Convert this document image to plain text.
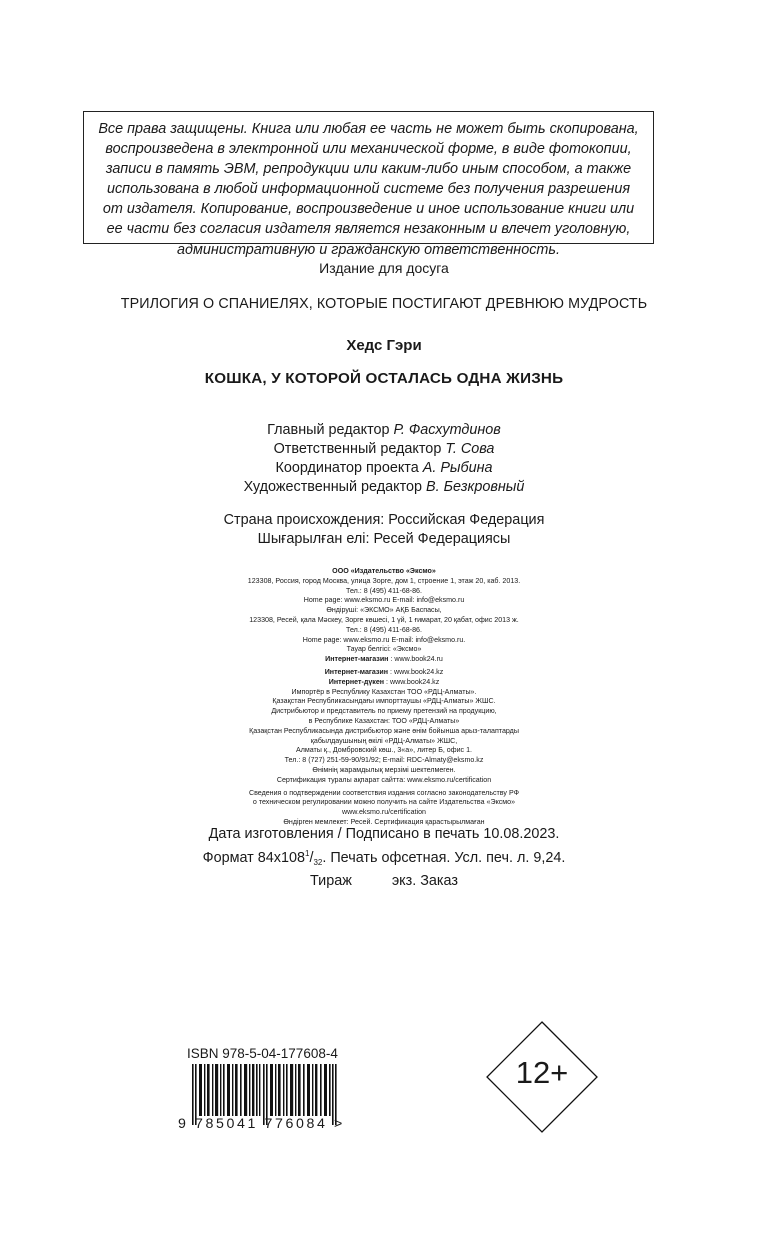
Все права защищены. Книга или любая ее часть не может быть скопирована,
воспроизведена в электронной или механической форме, в виде фотокопии,
записи в память ЭВМ, репродукции или каким-либо иным способом, а также
использована в любой информационной системе без получения разрешения
от издателя. Копирование, воспроизведение и иное использование книги или
ее части без согласия издателя является незаконным и влечет уголовную,
административную и гражданскую ответственность.
Издание для досуга
ТРИЛОГИЯ О СПАНИЕЛЯХ, КОТОРЫЕ ПОСТИГАЮТ ДРЕВНЮЮ МУДРОСТЬ
Хедс Гэри
КОШКА, У КОТОРОЙ ОСТАЛАСЬ ОДНА ЖИЗНЬ
Главный редактор Р. Фасхутдинов
Ответственный редактор Т. Сова
Координатор проекта А. Рыбина
Художественный редактор В. Безкровный
Страна происхождения: Российская Федерация
Шығарылған елі: Ресей Федерациясы
ООО «Издательство «Эксмо»
123308, Россия, город Москва, улица Зорге, дом 1, строение 1, этаж 20, каб. 2013.
Тел.: 8 (495) 411-68-86.
Home page: www.eksmo.ru E-mail: info@eksmo.ru
Өндіруші: «ЭКСМО» АҚБ Баспасы,
123308, Ресей, қала Мәскеу, Зорге көшесі, 1 үй, 1 ғимарат, 20 қабат, офис 2013 ж.
Тел.: 8 (495) 411-68-86.
Home page: www.eksmo.ru E-mail: info@eksmo.ru.
Тауар белгісі: «Эксмо»
Интернет-магазин : www.book24.ru
Интернет-магазин : www.book24.kz
Интернет-дүкен : www.book24.kz
Импортёр в Республику Казахстан ТОО «РДЦ-Алматы».
Қазақстан Республикасындағы импорттаушы «РДЦ-Алматы» ЖШС.
Дистрибьютор и представитель по приему претензий на продукцию,
в Республике Казахстан: ТОО «РДЦ-Алматы»
Қазақстан Республикасында дистрибьютор және өнім бойынша арыз-талаптарды
қабылдаушының өкілі «РДЦ-Алматы» ЖШС,
Алматы қ., Домбровский көш., 3«а», литер Б, офис 1.
Тел.: 8 (727) 251-59-90/91/92; E-mail: RDC-Almaty@eksmo.kz
Өнімнің жарамдылық мерзімі шектелмеген.
Сертификация туралы ақпарат сайтта: www.eksmo.ru/certification
Сведения о подтверждении соответствия издания согласно законодательству РФ
о техническом регулировании можно получить на сайте Издательства «Эксмо»
www.eksmo.ru/certification
Өндірген мемлекет: Ресей. Сертификация қарастырылмаған
Дата изготовления / Подписано в печать 10.08.2023.
Формат $84x108^1/_{32}$. Печать офсетная. Усл. печ. л. 9,24.
Тираж	экз. Заказ
ISBN 978-5-04-177608-4
9 785041 776084 >
12+
